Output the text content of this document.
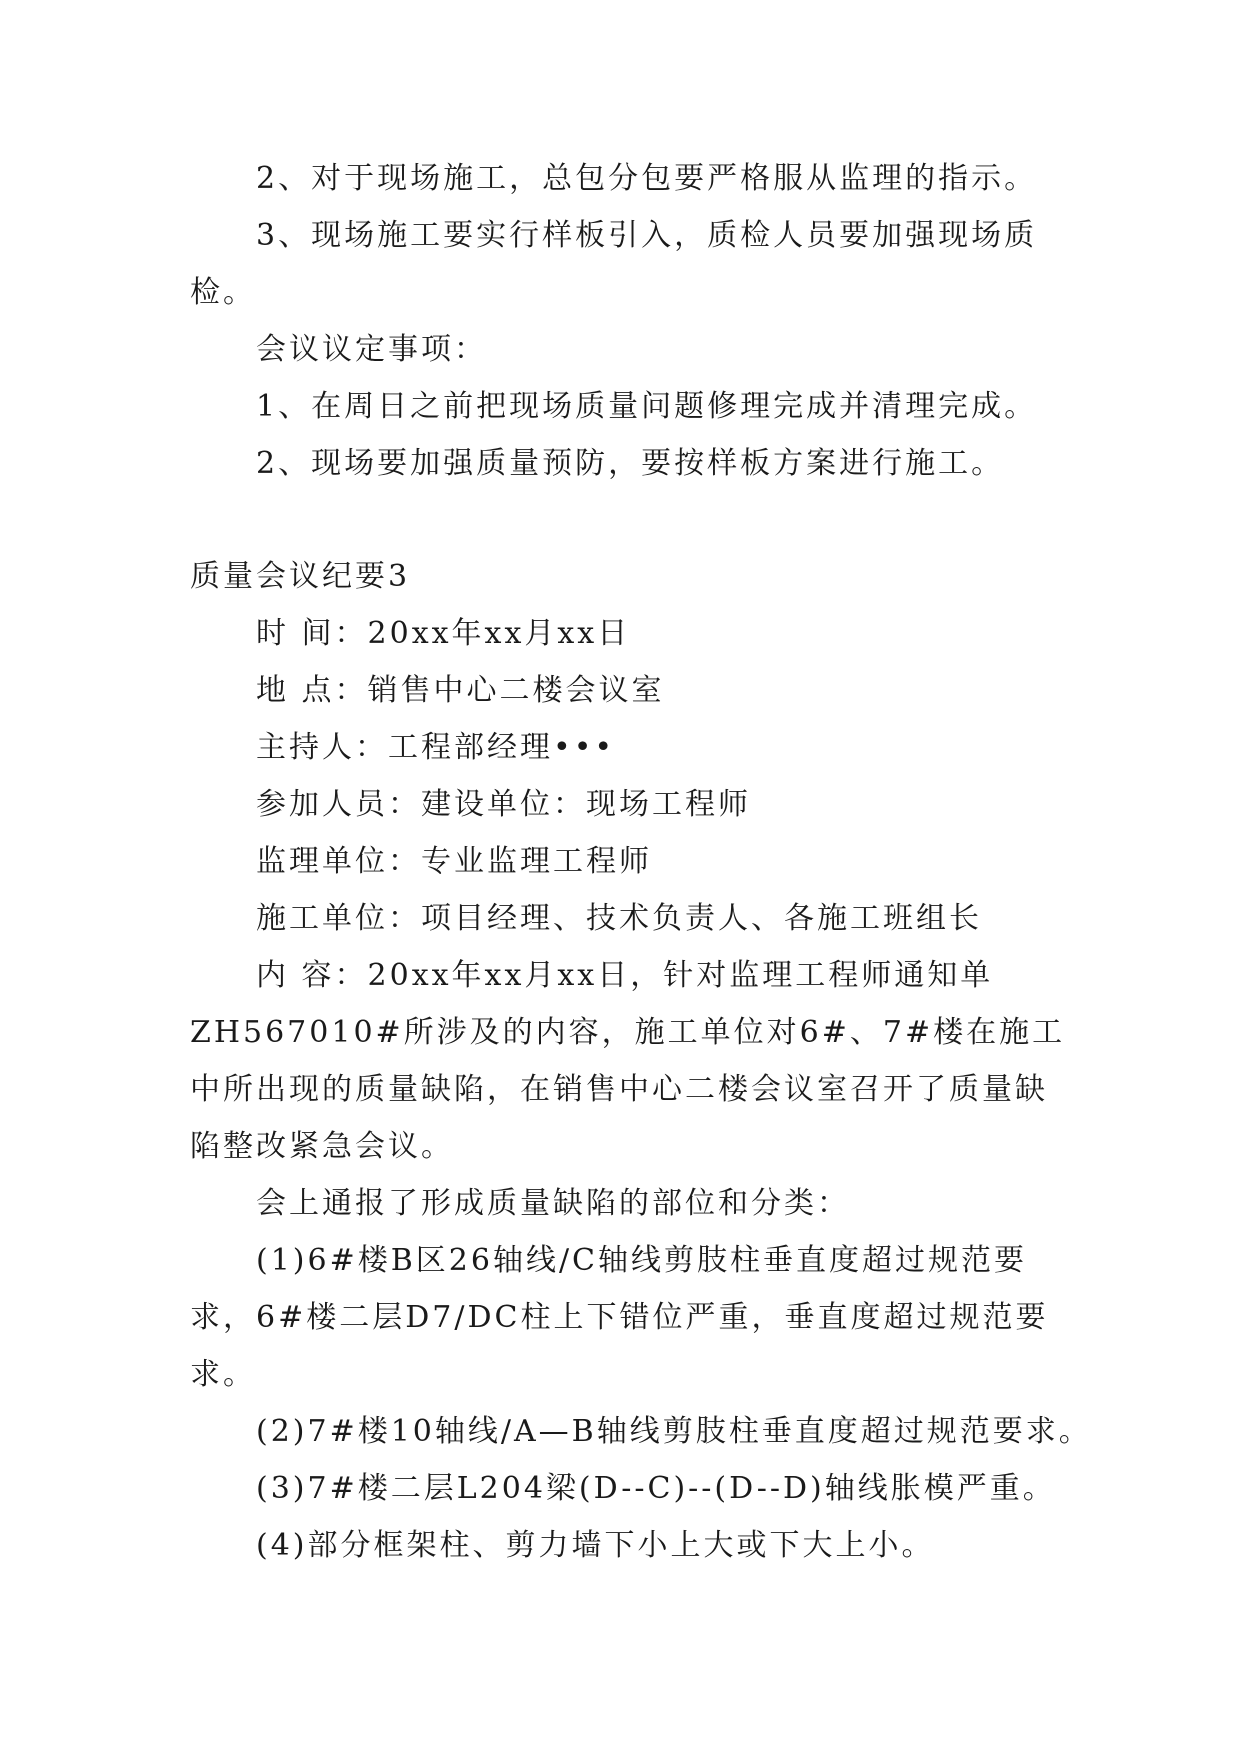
2、对于现场施工，总包分包要严格服从监理的指示。

3、现场施工要实行样板引入，质检人员要加强现场质检。

会议议定事项：

1、在周日之前把现场质量问题修理完成并清理完成。

2、现场要加强质量预防，要按样板方案进行施工。

质量会议纪要3

时 间：20xx年xx月xx日

地 点：销售中心二楼会议室

主持人：工程部经理•••

参加人员：建设单位：现场工程师

监理单位：专业监理工程师

施工单位：项目经理、技术负责人、各施工班组长

内 容：20xx年xx月xx日，针对监理工程师通知单ZH567010#所涉及的内容，施工单位对6#、7#楼在施工中所出现的质量缺陷，在销售中心二楼会议室召开了质量缺陷整改紧急会议。

会上通报了形成质量缺陷的部位和分类：

(1)6#楼B区26轴线/C轴线剪肢柱垂直度超过规范要求，6#楼二层D7/DC柱上下错位严重，垂直度超过规范要求。

(2)7#楼10轴线/A—B轴线剪肢柱垂直度超过规范要求。

(3)7#楼二层L204梁(D--C)--(D--D)轴线胀模严重。

(4)部分框架柱、剪力墙下小上大或下大上小。
